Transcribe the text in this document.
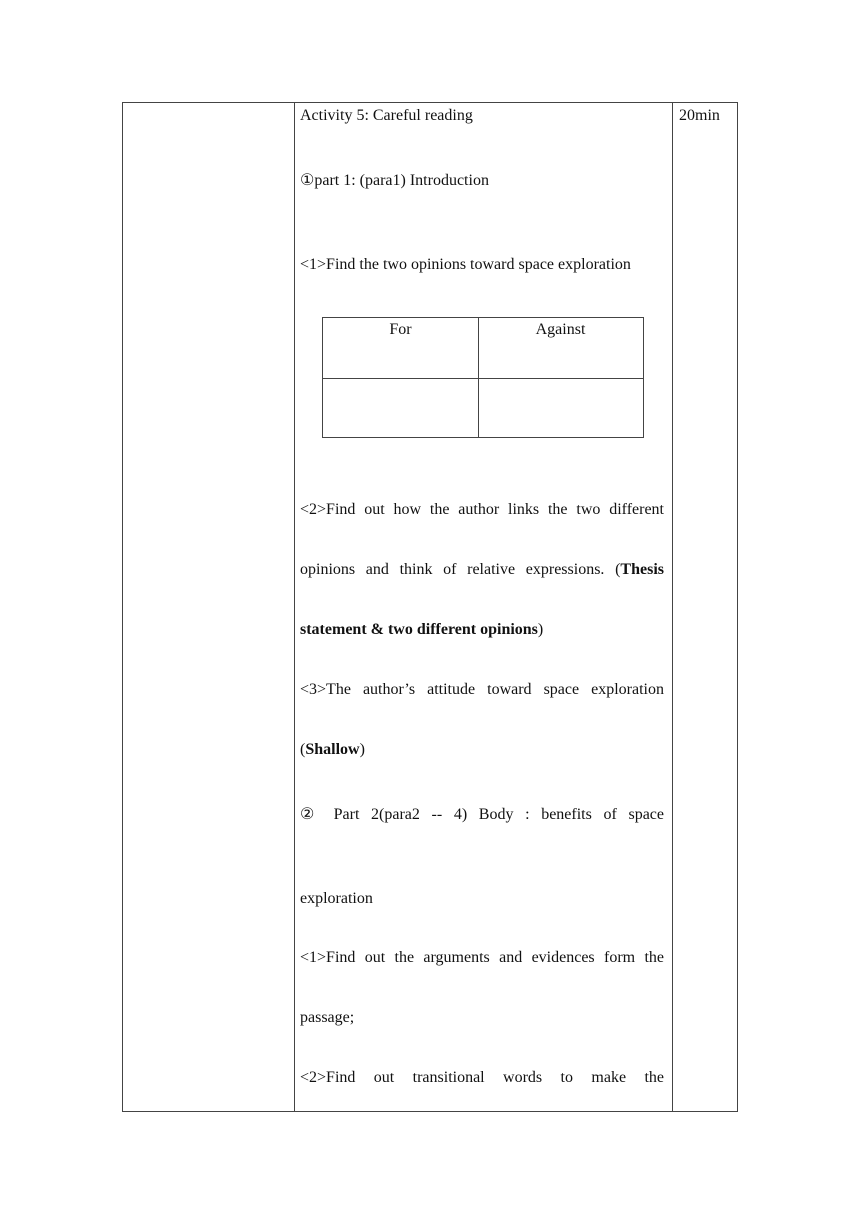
Activity 5: Careful reading	20min
①part 1: (para1) Introduction
<1>Find the two opinions toward space exploration
For	Against
<2>Find out how the author links the two different
opinions and think of relative expressions. (Thesis
statement & two different opinions)
<3>The author’s attitude toward space exploration
(Shallow)
② Part 2(para2 -- 4) Body : benefits of space
exploration
<1>Find out the arguments and evidences form the
passage;
<2>Find out transitional words to make the
